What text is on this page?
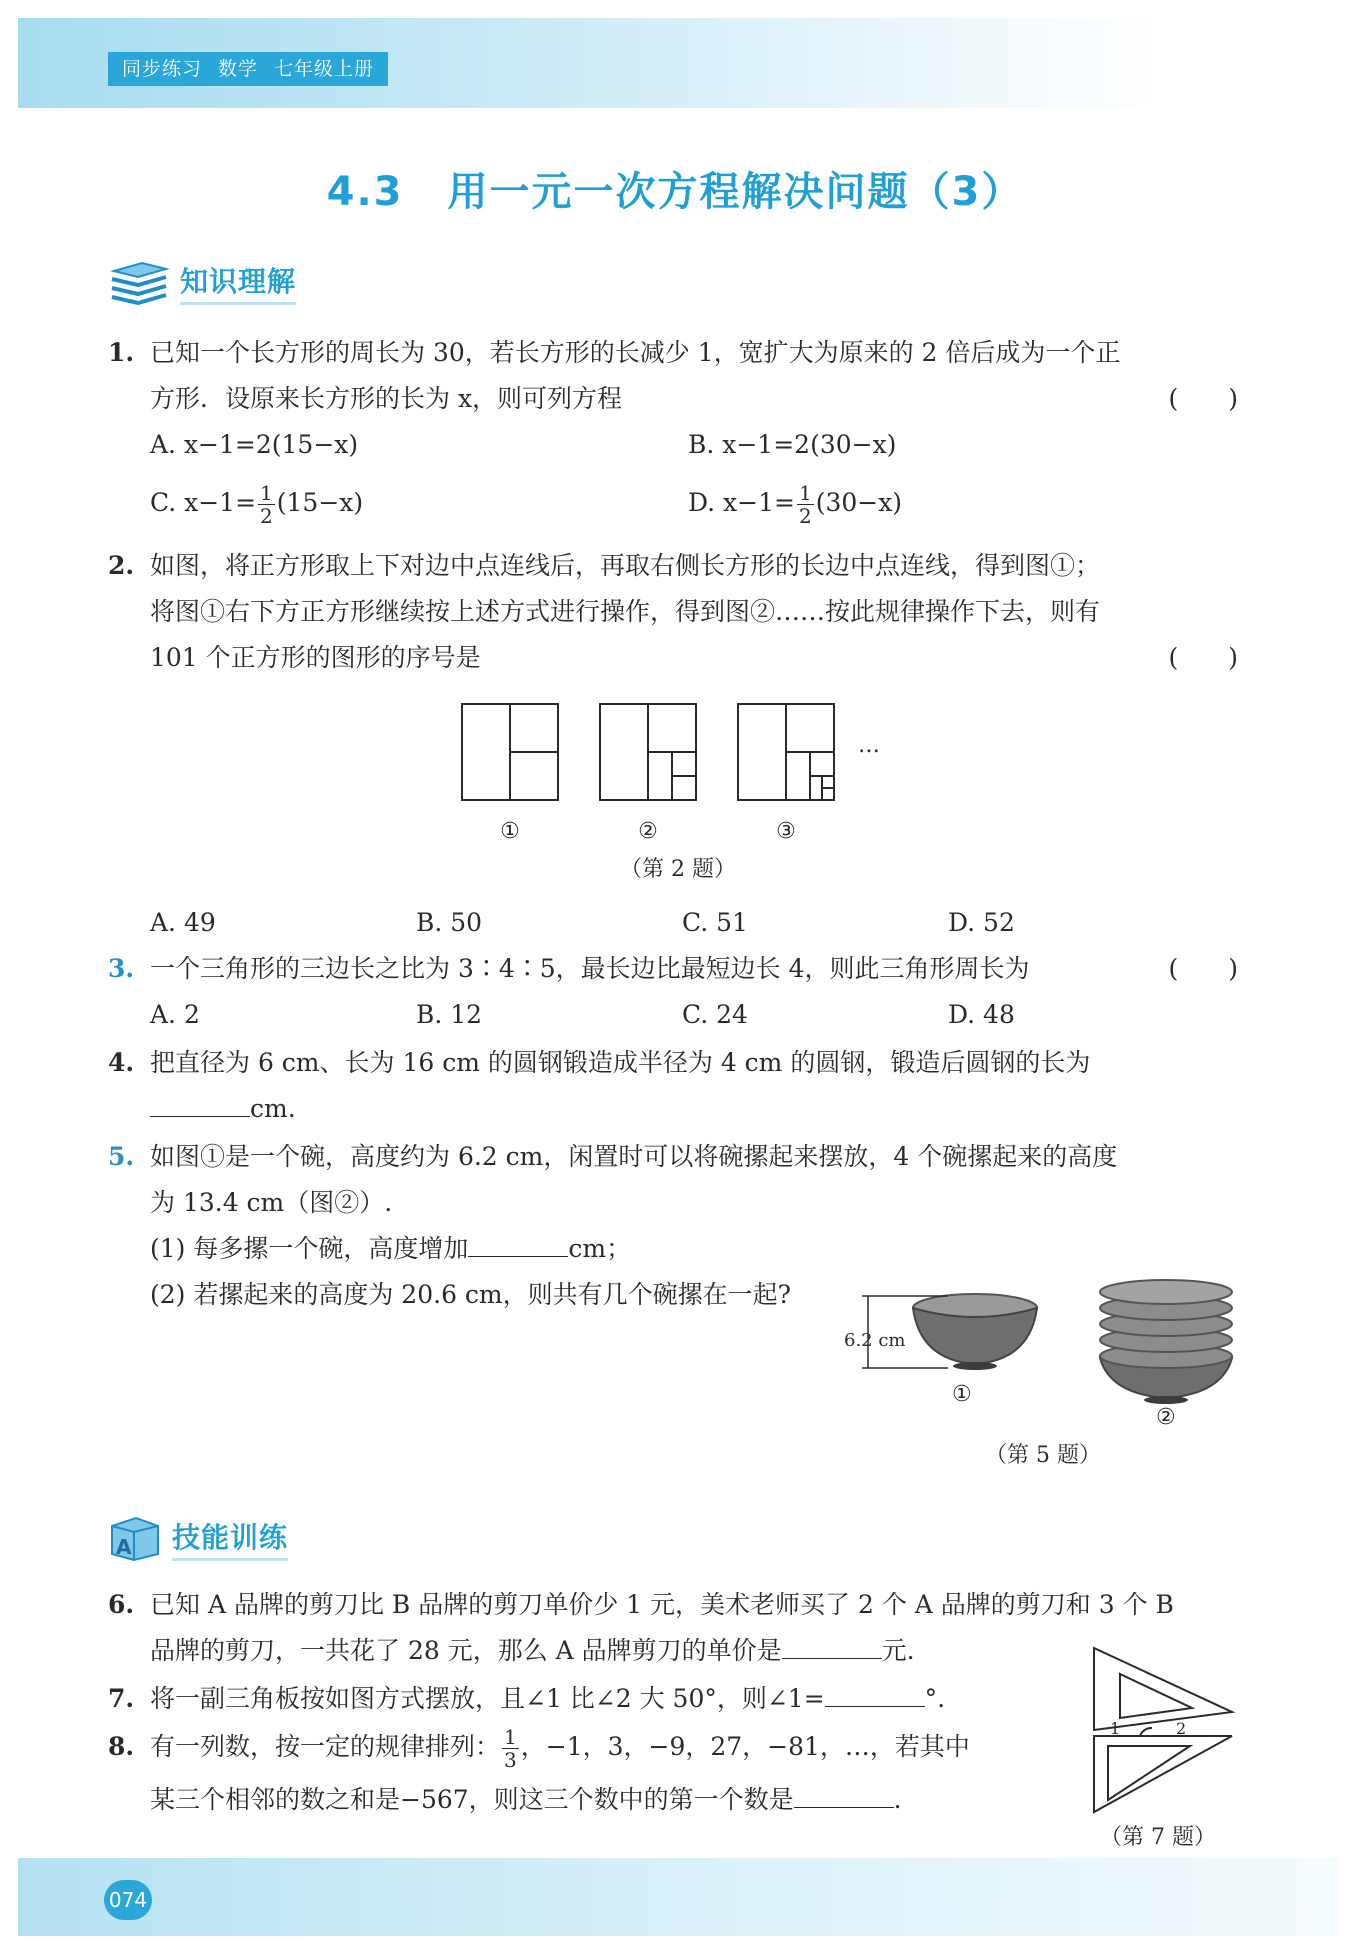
同步练习 数学 七年级上册
4.3 用一元一次方程解决问题（3）
知识理解
1. 已知一个长方形的周长为 30，若长方形的长减少 1，宽扩大为原来的 2 倍后成为一个正
方形．设原来长方形的长为 x，则可列方程	(　　)
A. x−1=2(15−x)	B. x−1=2(30−x)
C. $x-1= \frac{1}{2} (15-x)$	D. $x-1= \frac{1}{2} (30-x)$
2. 如图，将正方形取上下对边中点连线后，再取右侧长方形的长边中点连线，得到图①；
将图①右下方正方形继续按上述方式进行操作，得到图②……按此规律操作下去，则有
101 个正方形的图形的序号是	(　　)
…
①	②	③
（第 2 题）
A. 49	B. 50	C. 51	D. 52
3. 一个三角形的三边长之比为 3∶4∶5，最长边比最短边长 4，则此三角形周长为	(　　)
A. 2	B. 12	C. 24	D. 48
4. 把直径为 6 cm、长为 16 cm 的圆钢锻造成半径为 4 cm 的圆钢，锻造后圆钢的长为
cm.
5. 如图①是一个碗，高度约为 6.2 cm，闲置时可以将碗摞起来摆放，4 个碗摞起来的高度
为 13.4 cm（图②）.
(1) 每多摞一个碗，高度增加	cm；
(2) 若摞起来的高度为 20.6 cm，则共有几个碗摞在一起?
6.2 cm
①
②
（第 5 题）
A 技能训练
6. 已知 A 品牌的剪刀比 B 品牌的剪刀单价少 1 元，美术老师买了 2 个 A 品牌的剪刀和 3 个 B
品牌的剪刀，一共花了 28 元，那么 A 品牌剪刀的单价是	元.
7. 将一副三角板按如图方式摆放，且∠1 比∠2 大 50°，则∠1=	°.
1	2
8. 有一列数，按一定的规律排列： $\frac{1}{3}$ ，−1，3，−9，27，−81，…，若其中
某三个相邻的数之和是−567，则这三个数中的第一个数是	.
（第 7 题）
074
